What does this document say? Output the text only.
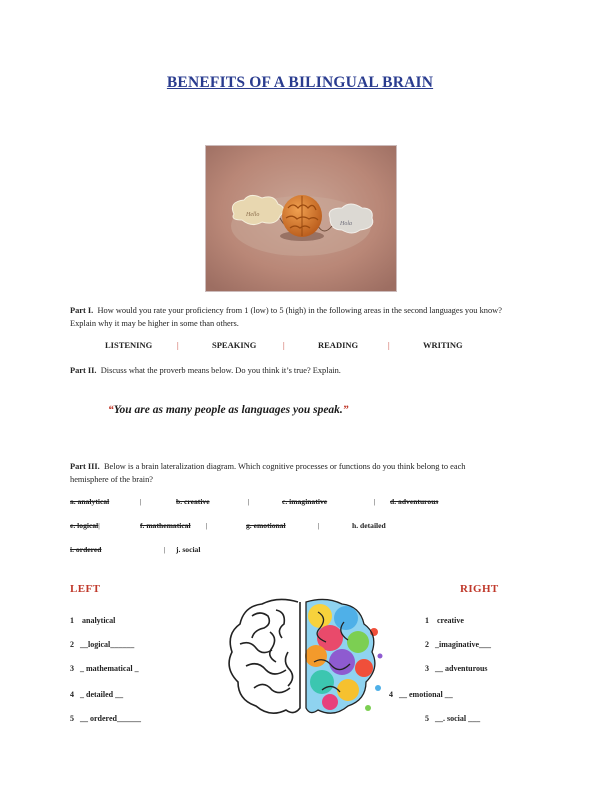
BENEFITS OF A BILINGUAL BRAIN
Hello
Hola
Part I. How would you rate your proficiency from 1 (low) to 5 (high) in the following areas in the second languages you know?
Explain why it may be higher in some than others.
LISTENING	|	SPEAKING	|	READING	|	WRITING
Part II. Discuss what the proverb means below. Do you think it’s true? Explain.
“You are as many people as languages you speak.”
Part III. Below is a brain lateralization diagram. Which cognitive processes or functions do you think belong to each
hemisphere of the brain?
a. analytical	|	b. creative	|	c. imaginative	| d. adventurous
e. logical|	f. mathematical |	g. emotional	|	h. detailed
i. ordered	| j. social
LEFT	RIGHT
1 analytical
2 __logical______
3 _ mathematical _
4 _ detailed __
5 __ ordered______
1 creative
2 _imaginative___
3 __ adventurous
4 __ emotional __
5 __. social ___
